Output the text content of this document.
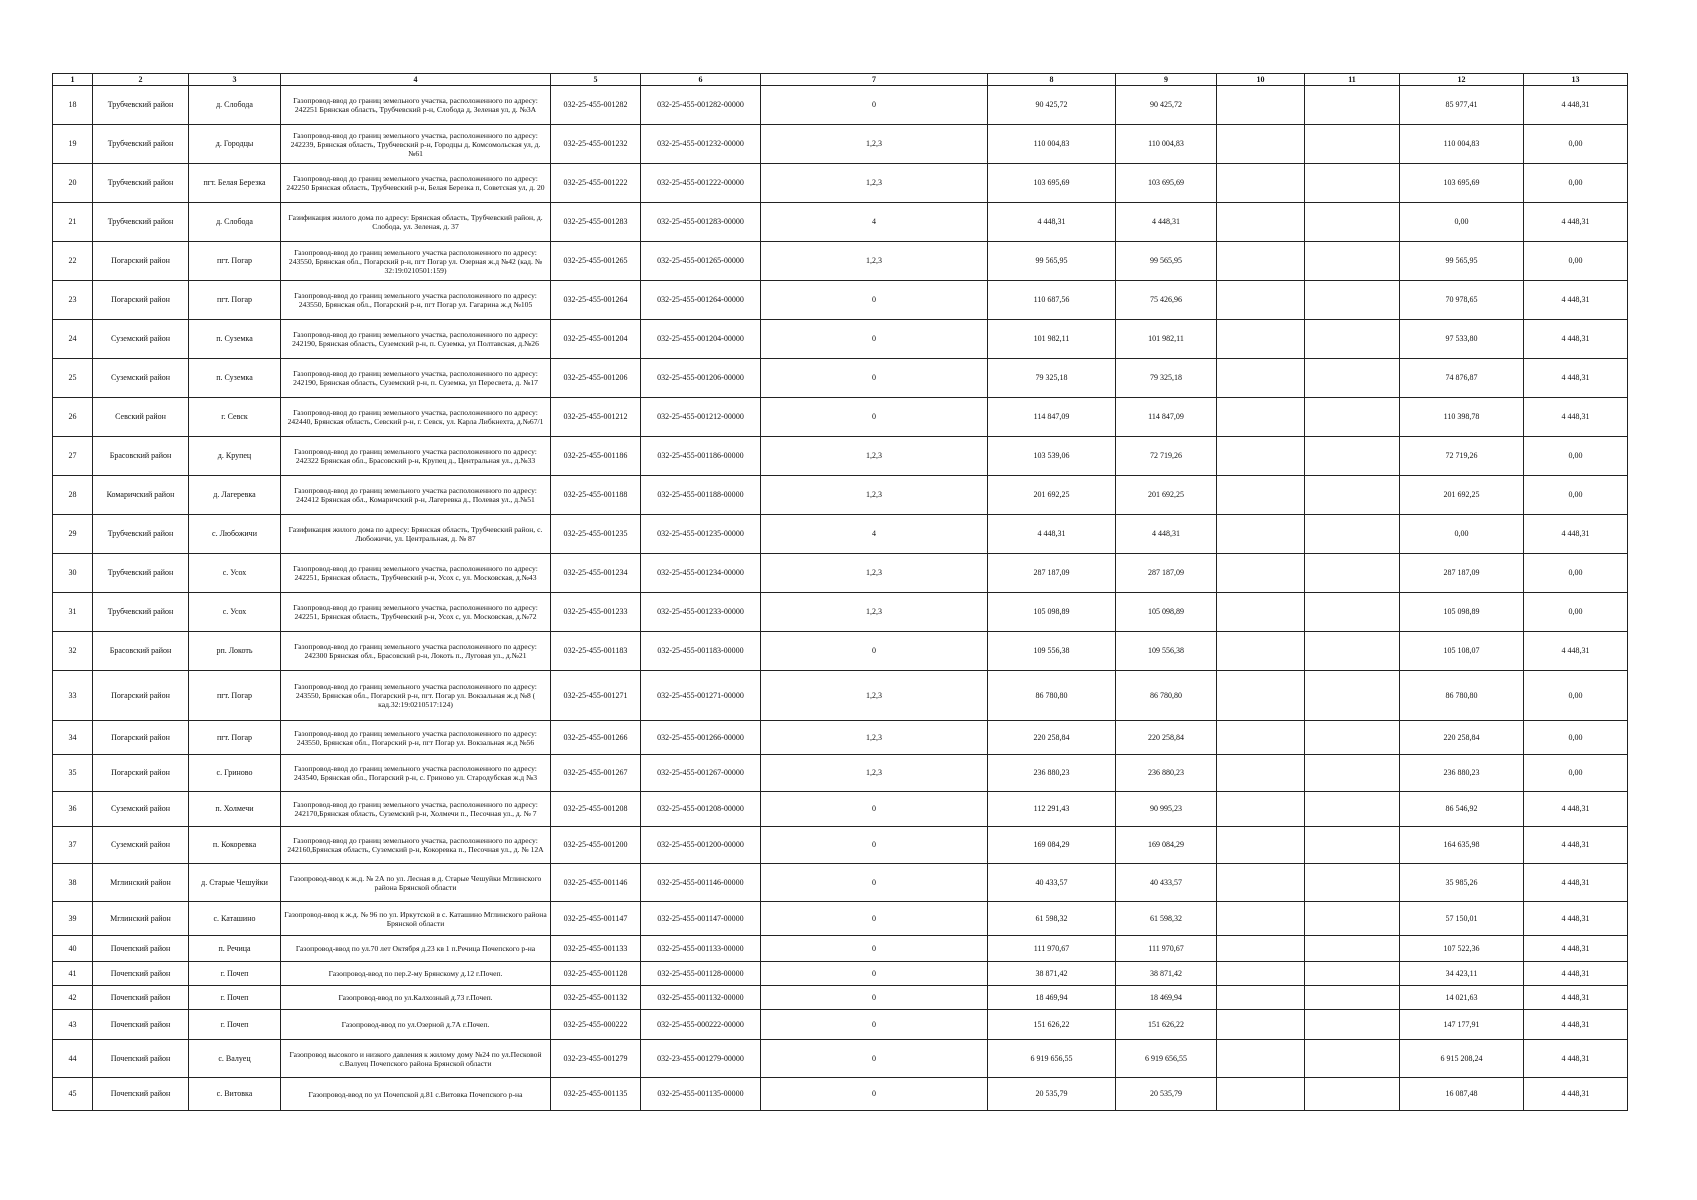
1	2	3	4	5	6	7	8	9	10	11	12	13
18	Трубчевский район	д. Слобода	Газопровод-ввод до границ земельного участка, расположенного по адресу: 242251 Брянская область, Трубчевский р-н, Слобода д, Зеленая ул, д. №3А	032-25-455-001282	032-25-455-001282-00000	0	90 425,72	90 425,72			85 977,41	4 448,31
19	Трубчевский район	д. Городцы	Газопровод-ввод до границ земельного участка, расположенного по адресу: 242239, Брянская область, Трубчевский р-н, Городцы д, Комсомольская ул, д. №61	032-25-455-001232	032-25-455-001232-00000	1,2,3	110 004,83	110 004,83			110 004,83	0,00
20	Трубчевский район	пгт. Белая Березка	Газопровод-ввод до границ земельного участка, расположенного по адресу: 242250 Брянская область, Трубчевский р-н, Белая Березка п, Советская ул, д. 20	032-25-455-001222	032-25-455-001222-00000	1,2,3	103 695,69	103 695,69			103 695,69	0,00
21	Трубчевский район	д. Слобода	Газификация жилого дома по адресу: Брянская область, Трубчевский район, д. Слобода, ул. Зеленая, д. 37	032-25-455-001283	032-25-455-001283-00000	4	4 448,31	4 448,31			0,00	4 448,31
22	Погарский район	пгт. Погар	Газопровод-ввод до границ земельного участка расположенного по адресу: 243550, Брянская обл., Погарский р-н, пгт Погар ул. Озерная ж.д №42 (кад. № 32:19:0210501:159)	032-25-455-001265	032-25-455-001265-00000	1,2,3	99 565,95	99 565,95			99 565,95	0,00
23	Погарский район	пгт. Погар	Газопровод-ввод до границ земельного участка расположенного по адресу: 243550, Брянская обл., Погарский р-н, пгт Погар ул. Гагарина ж.д №105	032-25-455-001264	032-25-455-001264-00000	0	110 687,56	75 426,96			70 978,65	4 448,31
24	Суземский район	п. Суземка	Газопровод-ввод до границ земельного участка, расположенного по адресу: 242190, Брянская область, Суземский р-н, п. Суземка, ул Полтавская, д.№26	032-25-455-001204	032-25-455-001204-00000	0	101 982,11	101 982,11			97 533,80	4 448,31
25	Суземский район	п. Суземка	Газопровод-ввод до границ земельного участка, расположенного по адресу: 242190, Брянская область, Суземский р-н, п. Суземка, ул Пересвета, д. №17	032-25-455-001206	032-25-455-001206-00000	0	79 325,18	79 325,18			74 876,87	4 448,31
26	Севский район	г. Севск	Газопровод-ввод до границ земельного участка, расположенного по адресу: 242440, Брянская область, Севский р-н, г. Севск, ул. Карла Либкнехта, д.№67/1	032-25-455-001212	032-25-455-001212-00000	0	114 847,09	114 847,09			110 398,78	4 448,31
27	Брасовский район	д. Крупец	Газопровод-ввод до границ земельного участка расположенного по адресу: 242322 Брянская обл., Брасовский р-н, Крупец д., Центральная ул., д.№33	032-25-455-001186	032-25-455-001186-00000	1,2,3	103 539,06	72 719,26			72 719,26	0,00
28	Комаричский район	д. Лагеревка	Газопровод-ввод до границ земельного участка расположенного по адресу: 242412 Брянская обл., Комаричский р-н, Лагеревка д., Полевая ул., д.№51	032-25-455-001188	032-25-455-001188-00000	1,2,3	201 692,25	201 692,25			201 692,25	0,00
29	Трубчевский район	с. Любожичи	Газификация жилого дома по адресу: Брянская область, Трубчевский район, с. Любожичи, ул. Центральная, д. № 87	032-25-455-001235	032-25-455-001235-00000	4	4 448,31	4 448,31			0,00	4 448,31
30	Трубчевский район	с. Усох	Газопровод-ввод до границ земельного участка, расположенного по адресу: 242251, Брянская область, Трубчевский р-н, Усох с, ул. Московская, д.№43	032-25-455-001234	032-25-455-001234-00000	1,2,3	287 187,09	287 187,09			287 187,09	0,00
31	Трубчевский район	с. Усох	Газопровод-ввод до границ земельного участка, расположенного по адресу: 242251, Брянская область, Трубчевский р-н, Усох с, ул. Московская, д.№72	032-25-455-001233	032-25-455-001233-00000	1,2,3	105 098,89	105 098,89			105 098,89	0,00
32	Брасовский район	рп. Локоть	Газопровод-ввод до границ земельного участка расположенного по адресу: 242300 Брянская обл., Брасовский р-н, Локоть п., Луговая ул., д.№21	032-25-455-001183	032-25-455-001183-00000	0	109 556,38	109 556,38			105 108,07	4 448,31
33	Погарский район	пгт. Погар	Газопровод-ввод до границ земельного участка расположенного по адресу: 243550, Брянская обл., Погарский р-н, пгт. Погар ул. Вокзальная ж.д №8 ( кад.32:19:0210517:124)	032-25-455-001271	032-25-455-001271-00000	1,2,3	86 780,80	86 780,80			86 780,80	0,00
34	Погарский район	пгт. Погар	Газопровод-ввод до границ земельного участка расположенного по адресу: 243550, Брянская обл., Погарский р-н, пгт Погар ул. Вокзальная ж.д №56	032-25-455-001266	032-25-455-001266-00000	1,2,3	220 258,84	220 258,84			220 258,84	0,00
35	Погарский район	с. Гриново	Газопровод-ввод до границ земельного участка расположенного по адресу: 243540, Брянская обл., Погарский р-н, с. Гриново ул. Стародубская ж.д №3	032-25-455-001267	032-25-455-001267-00000	1,2,3	236 880,23	236 880,23			236 880,23	0,00
36	Суземский район	п. Холмечи	Газопровод-ввод до границ земельного участка, расположенного по адресу: 242170,Брянская область, Суземский р-н, Холмечи п., Песочная ул., д. № 7	032-25-455-001208	032-25-455-001208-00000	0	112 291,43	90 995,23			86 546,92	4 448,31
37	Суземский район	п. Кокоревка	Газопровод-ввод до границ земельного участка, расположенного по адресу: 242160,Брянская область, Суземский р-н, Кокоревка п., Песочная ул., д. № 12А	032-25-455-001200	032-25-455-001200-00000	0	169 084,29	169 084,29			164 635,98	4 448,31
38	Мглинский район	д. Старые Чешуйки	Газопровод-ввод к ж.д. № 2А по ул. Лесная в д. Старые Чешуйки Мглинского района Брянской области	032-25-455-001146	032-25-455-001146-00000	0	40 433,57	40 433,57			35 985,26	4 448,31
39	Мглинский район	с. Каташино	Газопровод-ввод к ж.д. № 96 по ул. Иркутской в с. Каташино Мглинского района Брянской области	032-25-455-001147	032-25-455-001147-00000	0	61 598,32	61 598,32			57 150,01	4 448,31
40	Почепский район	п. Речица	Газопровод-ввод по ул.70 лет Октября д.23 кв 1 п.Речица Почепского р-на	032-25-455-001133	032-25-455-001133-00000	0	111 970,67	111 970,67			107 522,36	4 448,31
41	Почепский район	г. Почеп	Газопровод-ввод по пер.2-му Брянскому д.12 г.Почеп.	032-25-455-001128	032-25-455-001128-00000	0	38 871,42	38 871,42			34 423,11	4 448,31
42	Почепский район	г. Почеп	Газопровод-ввод по ул.Калхозный д.73 г.Почеп.	032-25-455-001132	032-25-455-001132-00000	0	18 469,94	18 469,94			14 021,63	4 448,31
43	Почепский район	г. Почеп	Газопровод-ввод по ул.Озерной д.7А г.Почеп.	032-25-455-000222	032-25-455-000222-00000	0	151 626,22	151 626,22			147 177,91	4 448,31
44	Почепский район	с. Валуец	Газопровод высокого и низкого давления к жилому дому №24 по ул.Песковой с.Валуец Почепского района Брянской области	032-23-455-001279	032-23-455-001279-00000	0	6 919 656,55	6 919 656,55			6 915 208,24	4 448,31
45	Почепский район	с. Витовка	Газопровод-ввод по ул Почепской д.81 с.Витовка Почепского р-на	032-25-455-001135	032-25-455-001135-00000	0	20 535,79	20 535,79			16 087,48	4 448,31
